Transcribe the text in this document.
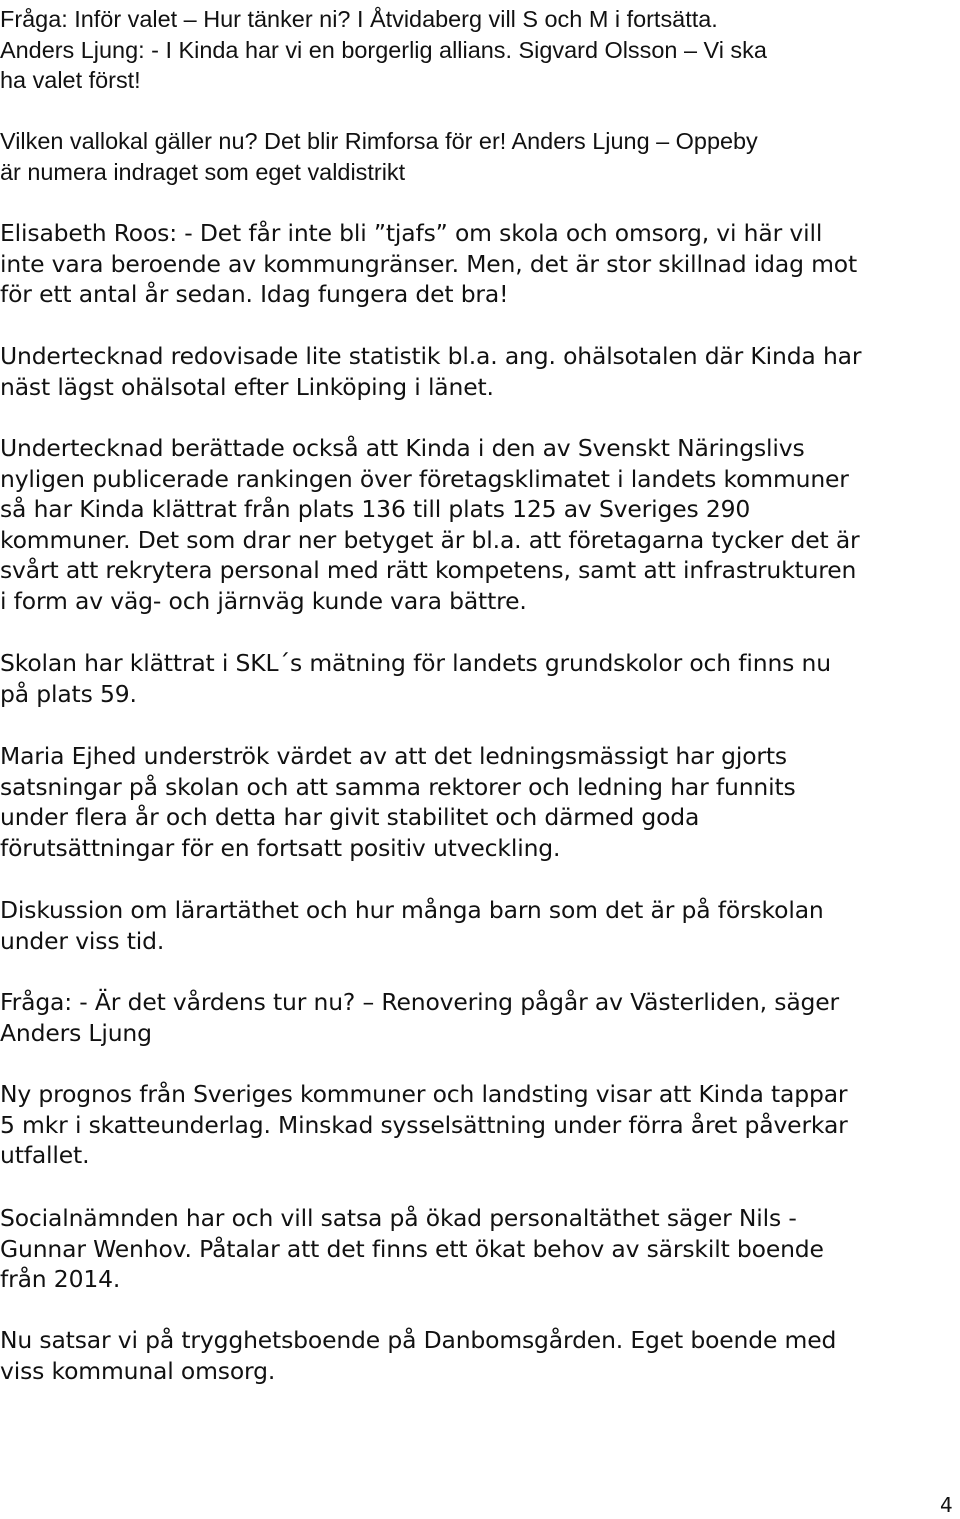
Fråga: Inför valet – Hur tänker ni? I Åtvidaberg vill S och M i fortsätta.
Anders Ljung: - I Kinda har vi en borgerlig allians. Sigvard Olsson – Vi ska
ha valet först!
Vilken vallokal gäller nu? Det blir Rimforsa för er! Anders Ljung – Oppeby
är numera indraget som eget valdistrikt
Elisabeth Roos: - Det får inte bli ”tjafs” om skola och omsorg, vi här vill
inte vara beroende av kommungränser. Men, det är stor skillnad idag mot
för ett antal år sedan. Idag fungera det bra!
Undertecknad redovisade lite statistik bl.a. ang. ohälsotalen där Kinda har
näst lägst ohälsotal efter Linköping i länet.
Undertecknad berättade också att Kinda i den av Svenskt Näringslivs
nyligen publicerade rankingen över företagsklimatet i landets kommuner
så har Kinda klättrat från plats 136 till plats 125 av Sveriges 290
kommuner. Det som drar ner betyget är bl.a. att företagarna tycker det är
svårt att rekrytera personal med rätt kompetens, samt att infrastrukturen
i form av väg- och järnväg kunde vara bättre.
Skolan har klättrat i SKL´s mätning för landets grundskolor och finns nu
på plats 59.
Maria Ejhed underströk värdet av att det ledningsmässigt har gjorts
satsningar på skolan och att samma rektorer och ledning har funnits
under flera år och detta har givit stabilitet och därmed goda
förutsättningar för en fortsatt positiv utveckling.
Diskussion om lärartäthet och hur många barn som det är på förskolan
under viss tid.
Fråga: - Är det vårdens tur nu? – Renovering pågår av Västerliden, säger
Anders Ljung
Ny prognos från Sveriges kommuner och landsting visar att Kinda tappar
5 mkr i skatteunderlag. Minskad sysselsättning under förra året påverkar
utfallet.
Socialnämnden har och vill satsa på ökad personaltäthet säger Nils -
Gunnar Wenhov. Påtalar att det finns ett ökat behov av särskilt boende
från 2014.
Nu satsar vi på trygghetsboende på Danbomsgården. Eget boende med
viss kommunal omsorg.
4
